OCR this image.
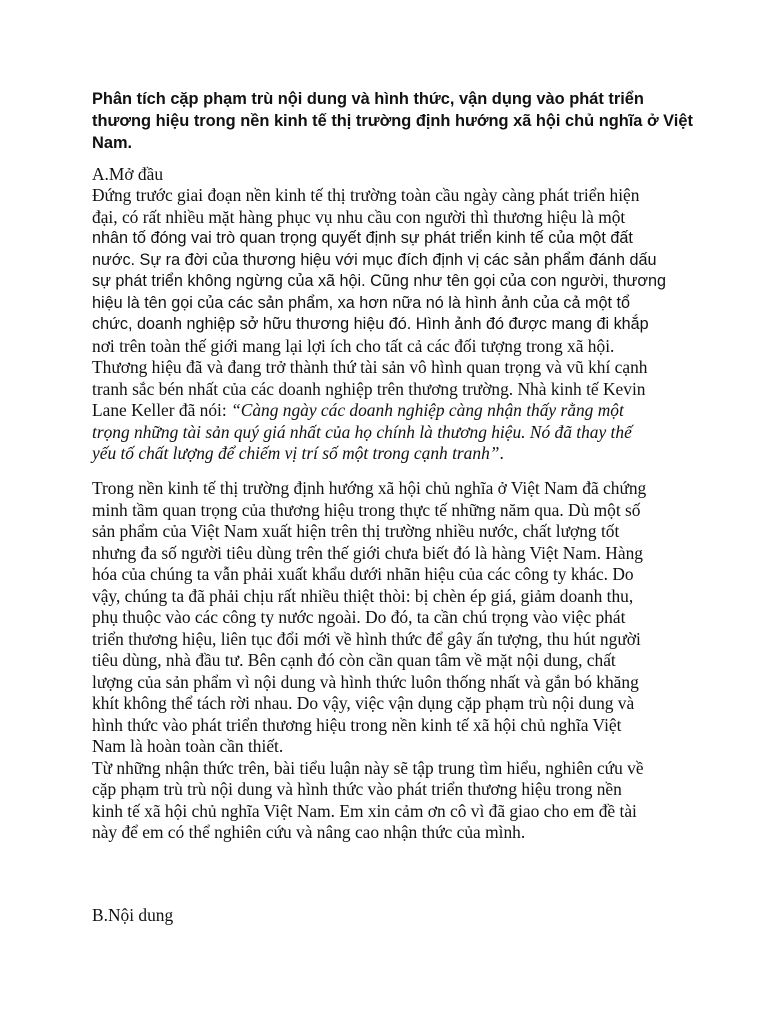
Phân tích cặp phạm trù nội dung và hình thức, vận dụng vào phát triển
thương hiệu trong nền kinh tế thị trường định hướng xã hội chủ nghĩa ở Việt
Nam.
A.Mở đầu
Đứng trước giai đoạn nền kinh tế thị trường toàn cầu ngày càng phát triển hiện
đại, có rất nhiều mặt hàng phục vụ nhu cầu con người thì thương hiệu là một
nhân tố đóng vai trò quan trọng quyết định sự phát triển kinh tế của một đất
nước. Sự ra đời của thương hiệu với mục đích định vị các sản phẩm đánh dấu
sự phát triển không ngừng của xã hội. Cũng như tên gọi của con người, thương
hiệu là tên gọi của các sản phẩm, xa hơn nữa nó là hình ảnh của cả một tổ
chức, doanh nghiệp sở hữu thương hiệu đó. Hình ảnh đó được mang đi khắp
nơi trên toàn thế giới mang lại lợi ích cho tất cả các đối tượng trong xã hội.
Thương hiệu đã và đang trở thành thứ tài sản vô hình quan trọng và vũ khí cạnh
tranh sắc bén nhất của các doanh nghiệp trên thương trường. Nhà kinh tế Kevin
Lane Keller đã nói: “Càng ngày các doanh nghiệp càng nhận thấy rằng một
trọng những tài sản quý giá nhất của họ chính là thương hiệu. Nó đã thay thế
yếu tố chất lượng để chiếm vị trí số một trong cạnh tranh”.
Trong nền kinh tế thị trường định hướng xã hội chủ nghĩa ở Việt Nam đã chứng
minh tầm quan trọng của thương hiệu trong thực tế những năm qua. Dù một số
sản phẩm của Việt Nam xuất hiện trên thị trường nhiều nước, chất lượng tốt
nhưng đa số người tiêu dùng trên thế giới chưa biết đó là hàng Việt Nam. Hàng
hóa của chúng ta vẫn phải xuất khẩu dưới nhãn hiệu của các công ty khác. Do
vậy, chúng ta đã phải chịu rất nhiều thiệt thòi: bị chèn ép giá, giảm doanh thu,
phụ thuộc vào các công ty nước ngoài. Do đó, ta cần chú trọng vào việc phát
triển thương hiệu, liên tục đổi mới về hình thức để gây ấn tượng, thu hút người
tiêu dùng, nhà đầu tư. Bên cạnh đó còn cần quan tâm về mặt nội dung, chất
lượng của sản phẩm vì nội dung và hình thức luôn thống nhất và gắn bó khăng
khít không thể tách rời nhau. Do vậy, việc vận dụng cặp phạm trù nội dung và
hình thức vào phát triển thương hiệu trong nền kinh tế xã hội chủ nghĩa Việt
Nam là hoàn toàn cần thiết.
Từ những nhận thức trên, bài tiểu luận này sẽ tập trung tìm hiểu, nghiên cứu về
cặp phạm trù trù nội dung và hình thức vào phát triển thương hiệu trong nền
kinh tế xã hội chủ nghĩa Việt Nam. Em xin cảm ơn cô vì đã giao cho em đề tài
này để em có thể nghiên cứu và nâng cao nhận thức của mình.
B.Nội dung
